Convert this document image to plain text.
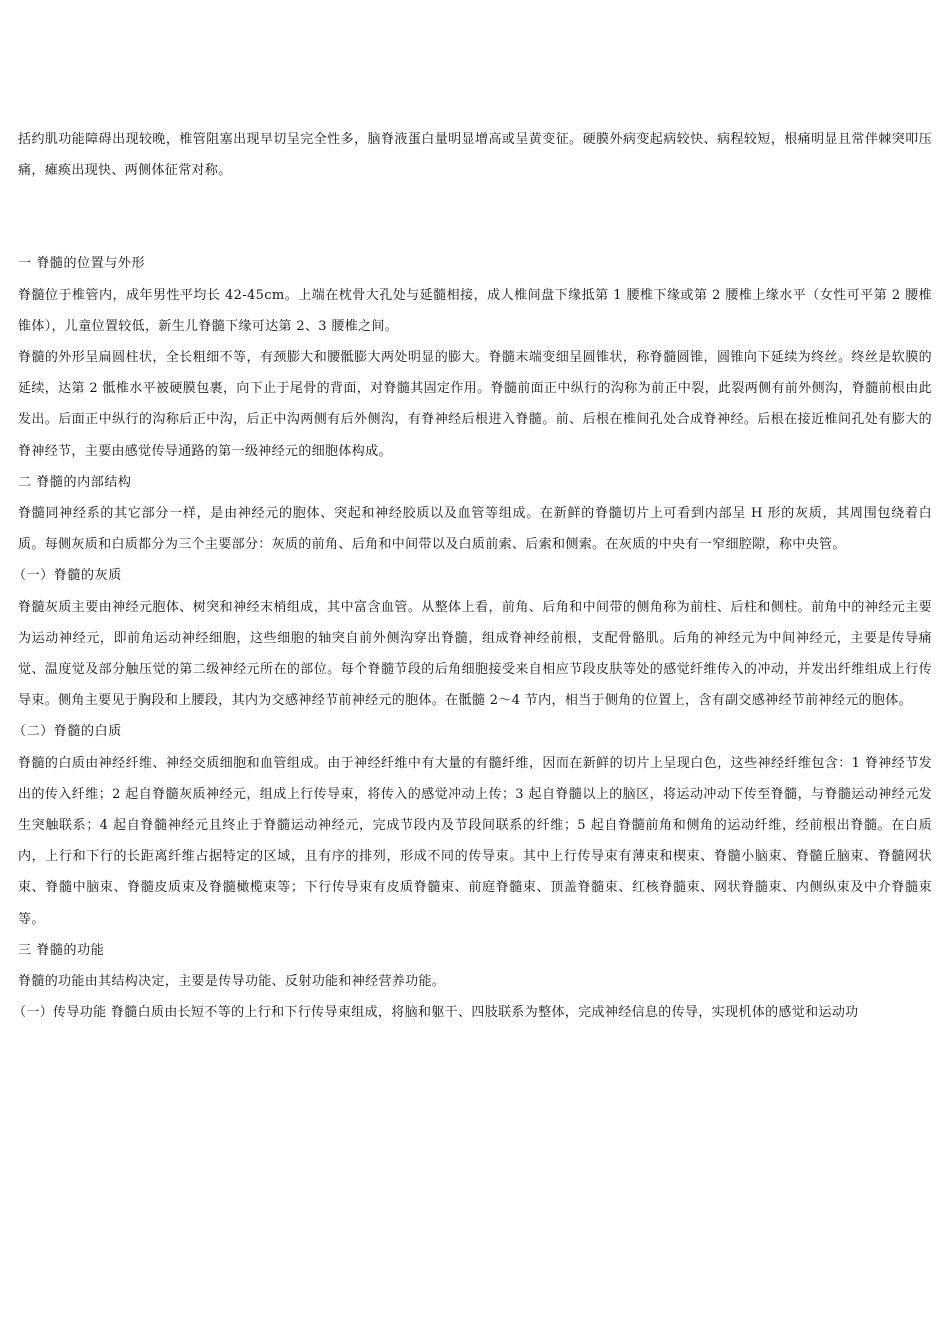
括约肌功能障碍出现较晚，椎管阻塞出现早切呈完全性多，脑脊液蛋白量明显增高或呈黄变征。硬膜外病变起病较快、病程较短，根痛明显且常伴棘突叩压痛，瘫痪出现快、两侧体征常对称。

一 脊髓的位置与外形

脊髓位于椎管内，成年男性平均长 42-45cm。上端在枕骨大孔处与延髓相接，成人椎间盘下缘抵第 1 腰椎下缘或第 2 腰椎上缘水平（女性可平第 2 腰椎锥体），儿童位置较低，新生儿脊髓下缘可达第 2、3 腰椎之间。

脊髓的外形呈扁圆柱状，全长粗细不等，有颈膨大和腰骶膨大两处明显的膨大。脊髓末端变细呈圆锥状，称脊髓圆锥，圆锥向下延续为终丝。终丝是软膜的延续，达第 2 骶椎水平被硬膜包裹，向下止于尾骨的背面，对脊髓其固定作用。脊髓前面正中纵行的沟称为前正中裂，此裂两侧有前外侧沟，脊髓前根由此发出。后面正中纵行的沟称后正中沟，后正中沟两侧有后外侧沟，有脊神经后根进入脊髓。前、后根在椎间孔处合成脊神经。后根在接近椎间孔处有膨大的脊神经节，主要由感觉传导通路的第一级神经元的细胞体构成。

二 脊髓的内部结构

脊髓同神经系的其它部分一样，是由神经元的胞体、突起和神经胶质以及血管等组成。在新鲜的脊髓切片上可看到内部呈 H 形的灰质，其周围包绕着白质。每侧灰质和白质都分为三个主要部分：灰质的前角、后角和中间带以及白质前索、后索和侧索。在灰质的中央有一窄细腔隙，称中央管。

（一）脊髓的灰质

脊髓灰质主要由神经元胞体、树突和神经末梢组成，其中富含血管。从整体上看，前角、后角和中间带的侧角称为前柱、后柱和侧柱。前角中的神经元主要为运动神经元，即前角运动神经细胞，这些细胞的轴突自前外侧沟穿出脊髓，组成脊神经前根，支配骨骼肌。后角的神经元为中间神经元，主要是传导痛觉、温度觉及部分触压觉的第二级神经元所在的部位。每个脊髓节段的后角细胞接受来自相应节段皮肤等处的感觉纤维传入的冲动，并发出纤维组成上行传导束。侧角主要见于胸段和上腰段，其内为交感神经节前神经元的胞体。在骶髓 2～4 节内，相当于侧角的位置上，含有副交感神经节前神经元的胞体。

（二）脊髓的白质

脊髓的白质由神经纤维、神经交质细胞和血管组成。由于神经纤维中有大量的有髓纤维，因而在新鲜的切片上呈现白色，这些神经纤维包含：1 脊神经节发出的传入纤维；2 起自脊髓灰质神经元，组成上行传导束，将传入的感觉冲动上传；3 起自脊髓以上的脑区，将运动冲动下传至脊髓，与脊髓运动神经元发生突触联系；4 起自脊髓神经元且终止于脊髓运动神经元，完成节段内及节段间联系的纤维；5 起自脊髓前角和侧角的运动纤维，经前根出脊髓。在白质内，上行和下行的长距离纤维占据特定的区域，且有序的排列，形成不同的传导束。其中上行传导束有薄束和楔束、脊髓小脑束、脊髓丘脑束、脊髓网状束、脊髓中脑束、脊髓皮质束及脊髓橄榄束等；下行传导束有皮质脊髓束、前庭脊髓束、顶盖脊髓束、红核脊髓束、网状脊髓束、内侧纵束及中介脊髓束等。

三 脊髓的功能

脊髓的功能由其结构决定，主要是传导功能、反射功能和神经营养功能。

（一）传导功能 脊髓白质由长短不等的上行和下行传导束组成，将脑和躯干、四肢联系为整体，完成神经信息的传导，实现机体的感觉和运动功
